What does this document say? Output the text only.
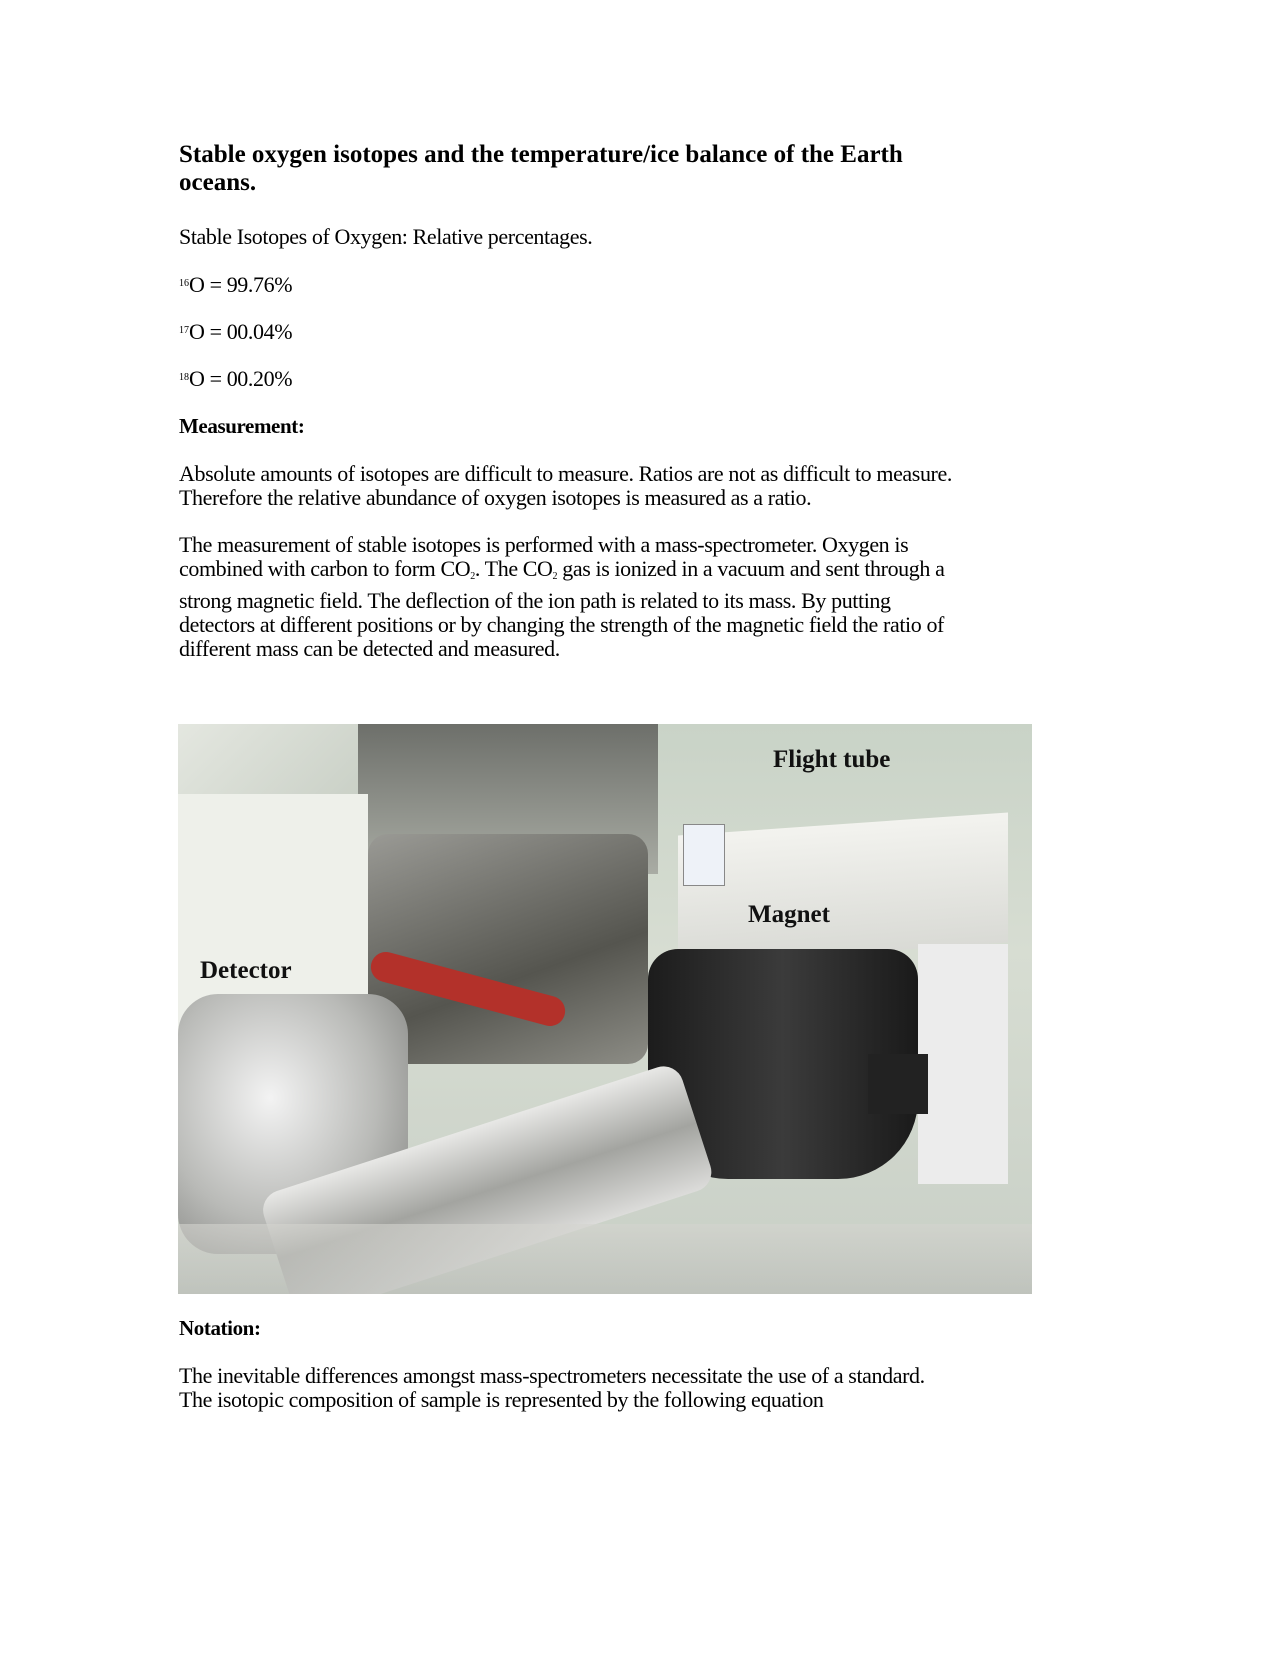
Stable oxygen isotopes and the temperature/ice balance of the Earth
oceans.
Stable Isotopes of Oxygen: Relative percentages.
$^{16}$O = 99.76%
$^{17}$O = 00.04%
$^{18}$O = 00.20%
Measurement:
Absolute amounts of isotopes are difficult to measure. Ratios are not as difficult to measure.
Therefore the relative abundance of oxygen isotopes is measured as a ratio.
The measurement of stable isotopes is performed with a mass-spectrometer. Oxygen is
combined with carbon to form $CO_2$. The $CO_2$ gas is ionized in a vacuum and sent through a
strong magnetic field. The deflection of the ion path is related to its mass. By putting
detectors at different positions or by changing the strength of the magnetic field the ratio of
different mass can be detected and measured.
Flight tube
Magnet
Detector
Notation:
The inevitable differences amongst mass-spectrometers necessitate the use of a standard.
The isotopic composition of sample is represented by the following equation
